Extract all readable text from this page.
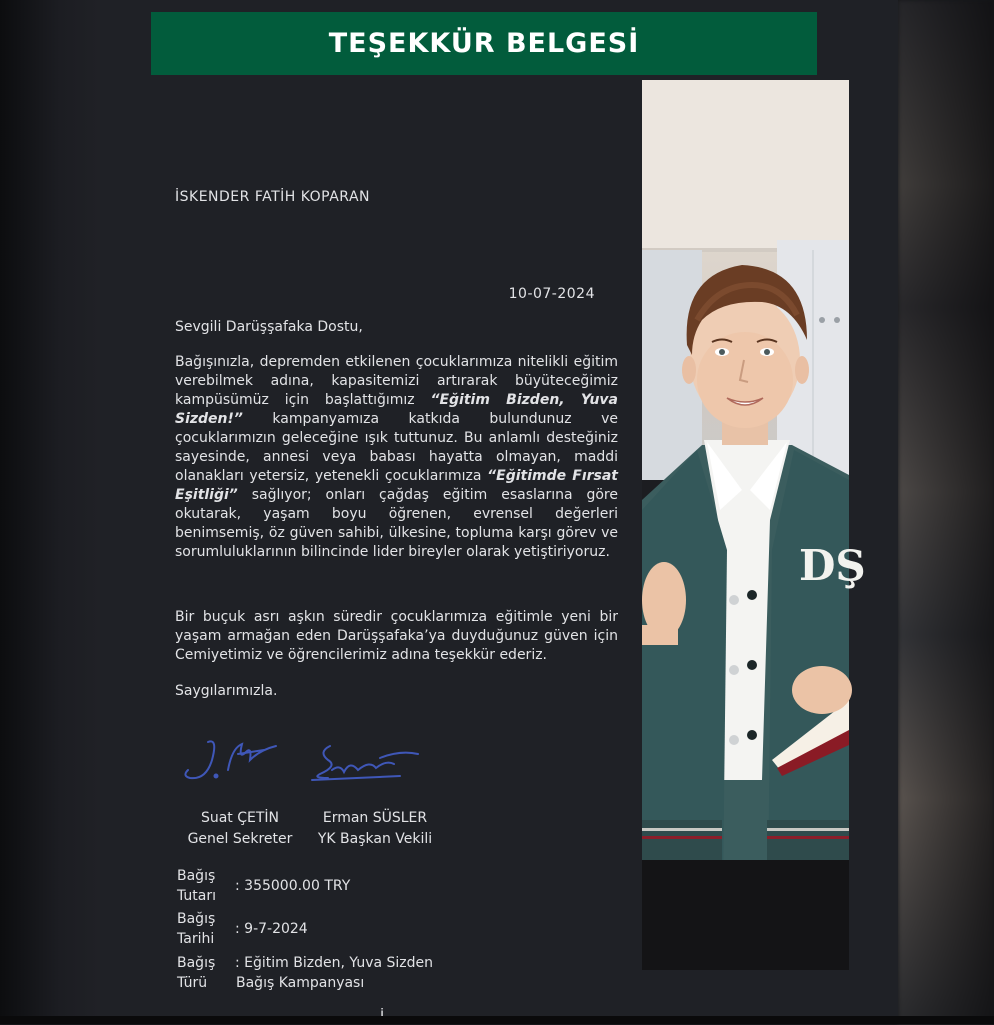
TEŞEKKÜR BELGESİ
DŞ
İSKENDER FATİH KOPARAN
10-07-2024
Sevgili Darüşşafaka Dostu,
Bağışınızla, depremden etkilenen çocuklarımıza nitelikli eğitim verebilmek adına, kapasitemizi artırarak büyüteceğimiz kampüsümüz için başlattığımız “Eğitim Bizden, Yuva Sizden!” kampanyamıza katkıda bulundunuz ve çocuklarımızın geleceğine ışık tuttunuz. Bu anlamlı desteğiniz sayesinde, annesi veya babası hayatta olmayan, maddi olanakları yetersiz, yetenekli çocuklarımıza “Eğitimde Fırsat Eşitliği” sağlıyor; onları çağdaş eğitim esaslarına göre okutarak, yaşam boyu öğrenen, evrensel değerleri benimsemiş, öz güven sahibi, ülkesine, topluma karşı görev ve sorumluluklarının bilincinde lider bireyler olarak yetiştiriyoruz.
Bir buçuk asrı aşkın süredir çocuklarımıza eğitimle yeni bir yaşam armağan eden Darüşşafaka’ya duyduğunuz güven için Cemiyetimiz ve öğrencilerimiz adına teşekkür ederiz.
Saygılarımızla.
Suat ÇETİN
Genel Sekreter
Erman SÜSLER
YK Başkan Vekili
Bağış
Tutarı
: 355000.00 TRY
Bağış
Tarihi
: 9-7-2024
Bağış
Türü
: Eğitim Bizden, Yuva Sizden
Bağış Kampanyası
